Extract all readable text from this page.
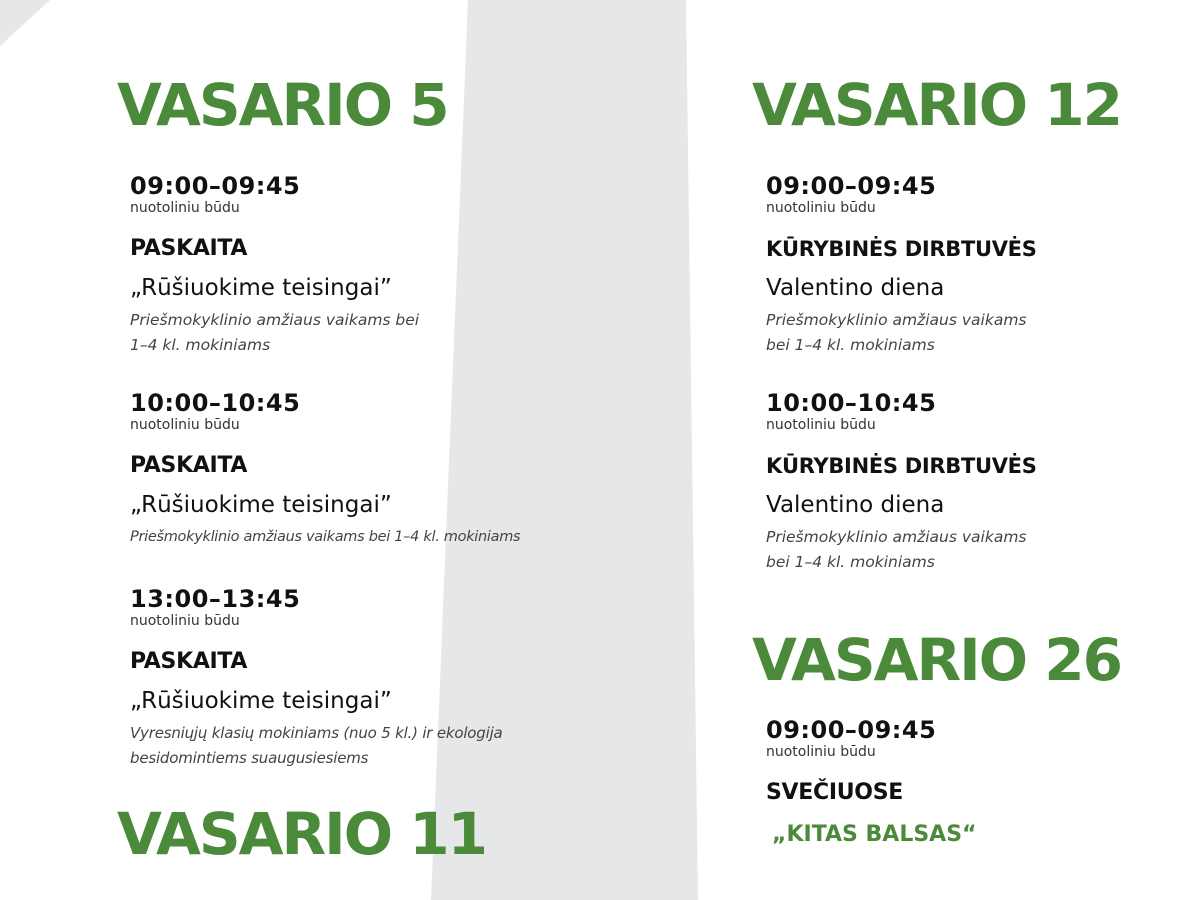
VASARIO 5
09:00–09:45
nuotoliniu būdu
PASKAITA
„Rūšiuokime teisingai”
Priešmokyklinio amžiaus vaikams bei
1–4 kl. mokiniams
10:00–10:45
nuotoliniu būdu
PASKAITA
„Rūšiuokime teisingai”
Priešmokyklinio amžiaus vaikams bei 1–4 kl. mokiniams
13:00–13:45
nuotoliniu būdu
PASKAITA
„Rūšiuokime teisingai”
Vyresniųjų klasių mokiniams (nuo 5 kl.) ir ekologija
besidomintiems suaugusiesiems
VASARIO 11
VASARIO 12
09:00–09:45
nuotoliniu būdu
KŪRYBINĖS DIRBTUVĖS
Valentino diena
Priešmokyklinio amžiaus vaikams
bei 1–4 kl. mokiniams
10:00–10:45
nuotoliniu būdu
KŪRYBINĖS DIRBTUVĖS
Valentino diena
Priešmokyklinio amžiaus vaikams
bei 1–4 kl. mokiniams
VASARIO 26
09:00–09:45
nuotoliniu būdu
SVEČIUOSE
„KITAS BALSAS“
